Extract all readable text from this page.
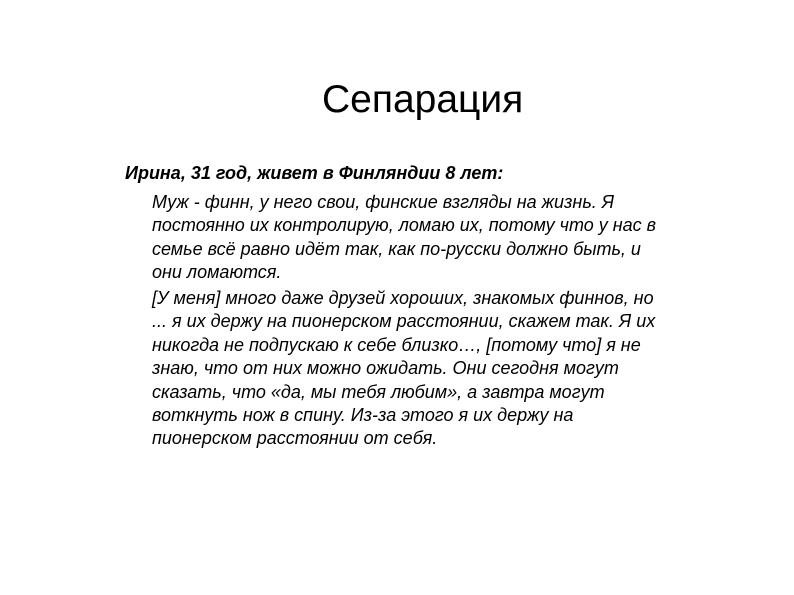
Сепарация

Ирина, 31 год, живет в Финляндии 8 лет:

Муж - финн, у него свои, финские взгляды на жизнь. Я
постоянно их контролирую, ломаю их, потому что у нас в
семье всё равно идёт так, как по-русски должно быть, и
они ломаются.
[У меня] много даже друзей хороших, знакомых финнов, но
... я их держу на пионерском расстоянии, скажем так. Я их
никогда не подпускаю к себе близко…, [потому что] я не
знаю, что от них можно ожидать. Они сегодня могут
сказать, что «да, мы тебя любим», а завтра могут
воткнуть нож в спину. Из-за этого я их держу на
пионерском расстоянии от себя.
